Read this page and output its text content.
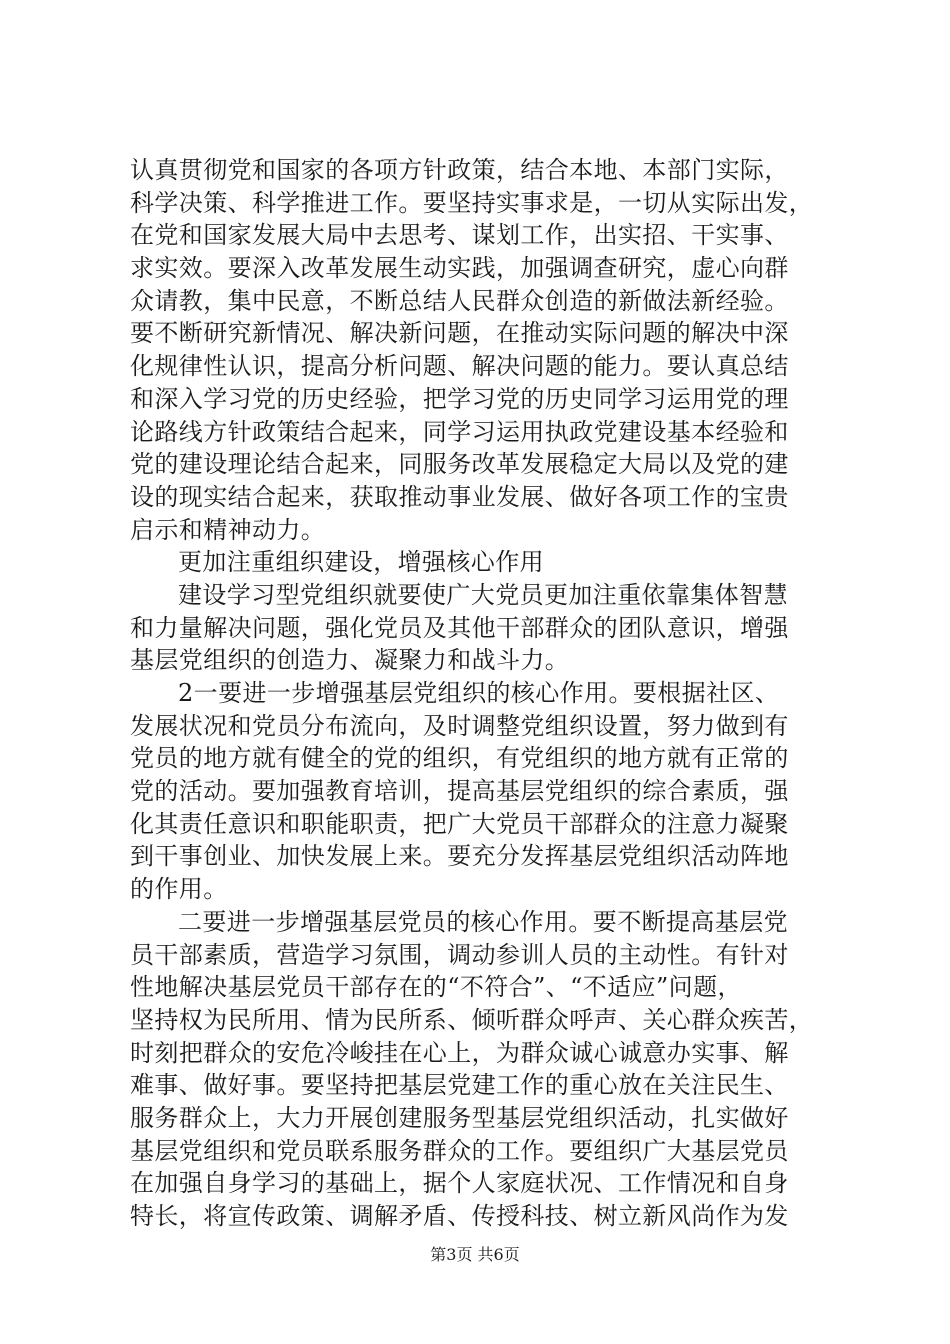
认真贯彻党和国家的各项方针政策，结合本地、本部门实际，
科学决策、科学推进工作。要坚持实事求是，一切从实际出发，
在党和国家发展大局中去思考、谋划工作，出实招、干实事、
求实效。要深入改革发展生动实践，加强调查研究，虚心向群
众请教，集中民意，不断总结人民群众创造的新做法新经验。
要不断研究新情况、解决新问题，在推动实际问题的解决中深
化规律性认识，提高分析问题、解决问题的能力。要认真总结
和深入学习党的历史经验，把学习党的历史同学习运用党的理
论路线方针政策结合起来，同学习运用执政党建设基本经验和
党的建设理论结合起来，同服务改革发展稳定大局以及党的建
设的现实结合起来，获取推动事业发展、做好各项工作的宝贵
启示和精神动力。
更加注重组织建设，增强核心作用
建设学习型党组织就要使广大党员更加注重依靠集体智慧
和力量解决问题，强化党员及其他干部群众的团队意识，增强
基层党组织的创造力、凝聚力和战斗力。
2一要进一步增强基层党组织的核心作用。要根据社区、
发展状况和党员分布流向，及时调整党组织设置，努力做到有
党员的地方就有健全的党的组织，有党组织的地方就有正常的
党的活动。要加强教育培训，提高基层党组织的综合素质，强
化其责任意识和职能职责，把广大党员干部群众的注意力凝聚
到干事创业、加快发展上来。要充分发挥基层党组织活动阵地
的作用。
二要进一步增强基层党员的核心作用。要不断提高基层党
员干部素质，营造学习氛围，调动参训人员的主动性。有针对
性地解决基层党员干部存在的“不符合”、“不适应”问题，
坚持权为民所用、情为民所系、倾听群众呼声、关心群众疾苦，
时刻把群众的安危冷峻挂在心上，为群众诚心诚意办实事、解
难事、做好事。要坚持把基层党建工作的重心放在关注民生、
服务群众上，大力开展创建服务型基层党组织活动，扎实做好
基层党组织和党员联系服务群众的工作。要组织广大基层党员
在加强自身学习的基础上，据个人家庭状况、工作情况和自身
特长，将宣传政策、调解矛盾、传授科技、树立新风尚作为发
第3页 共6页
